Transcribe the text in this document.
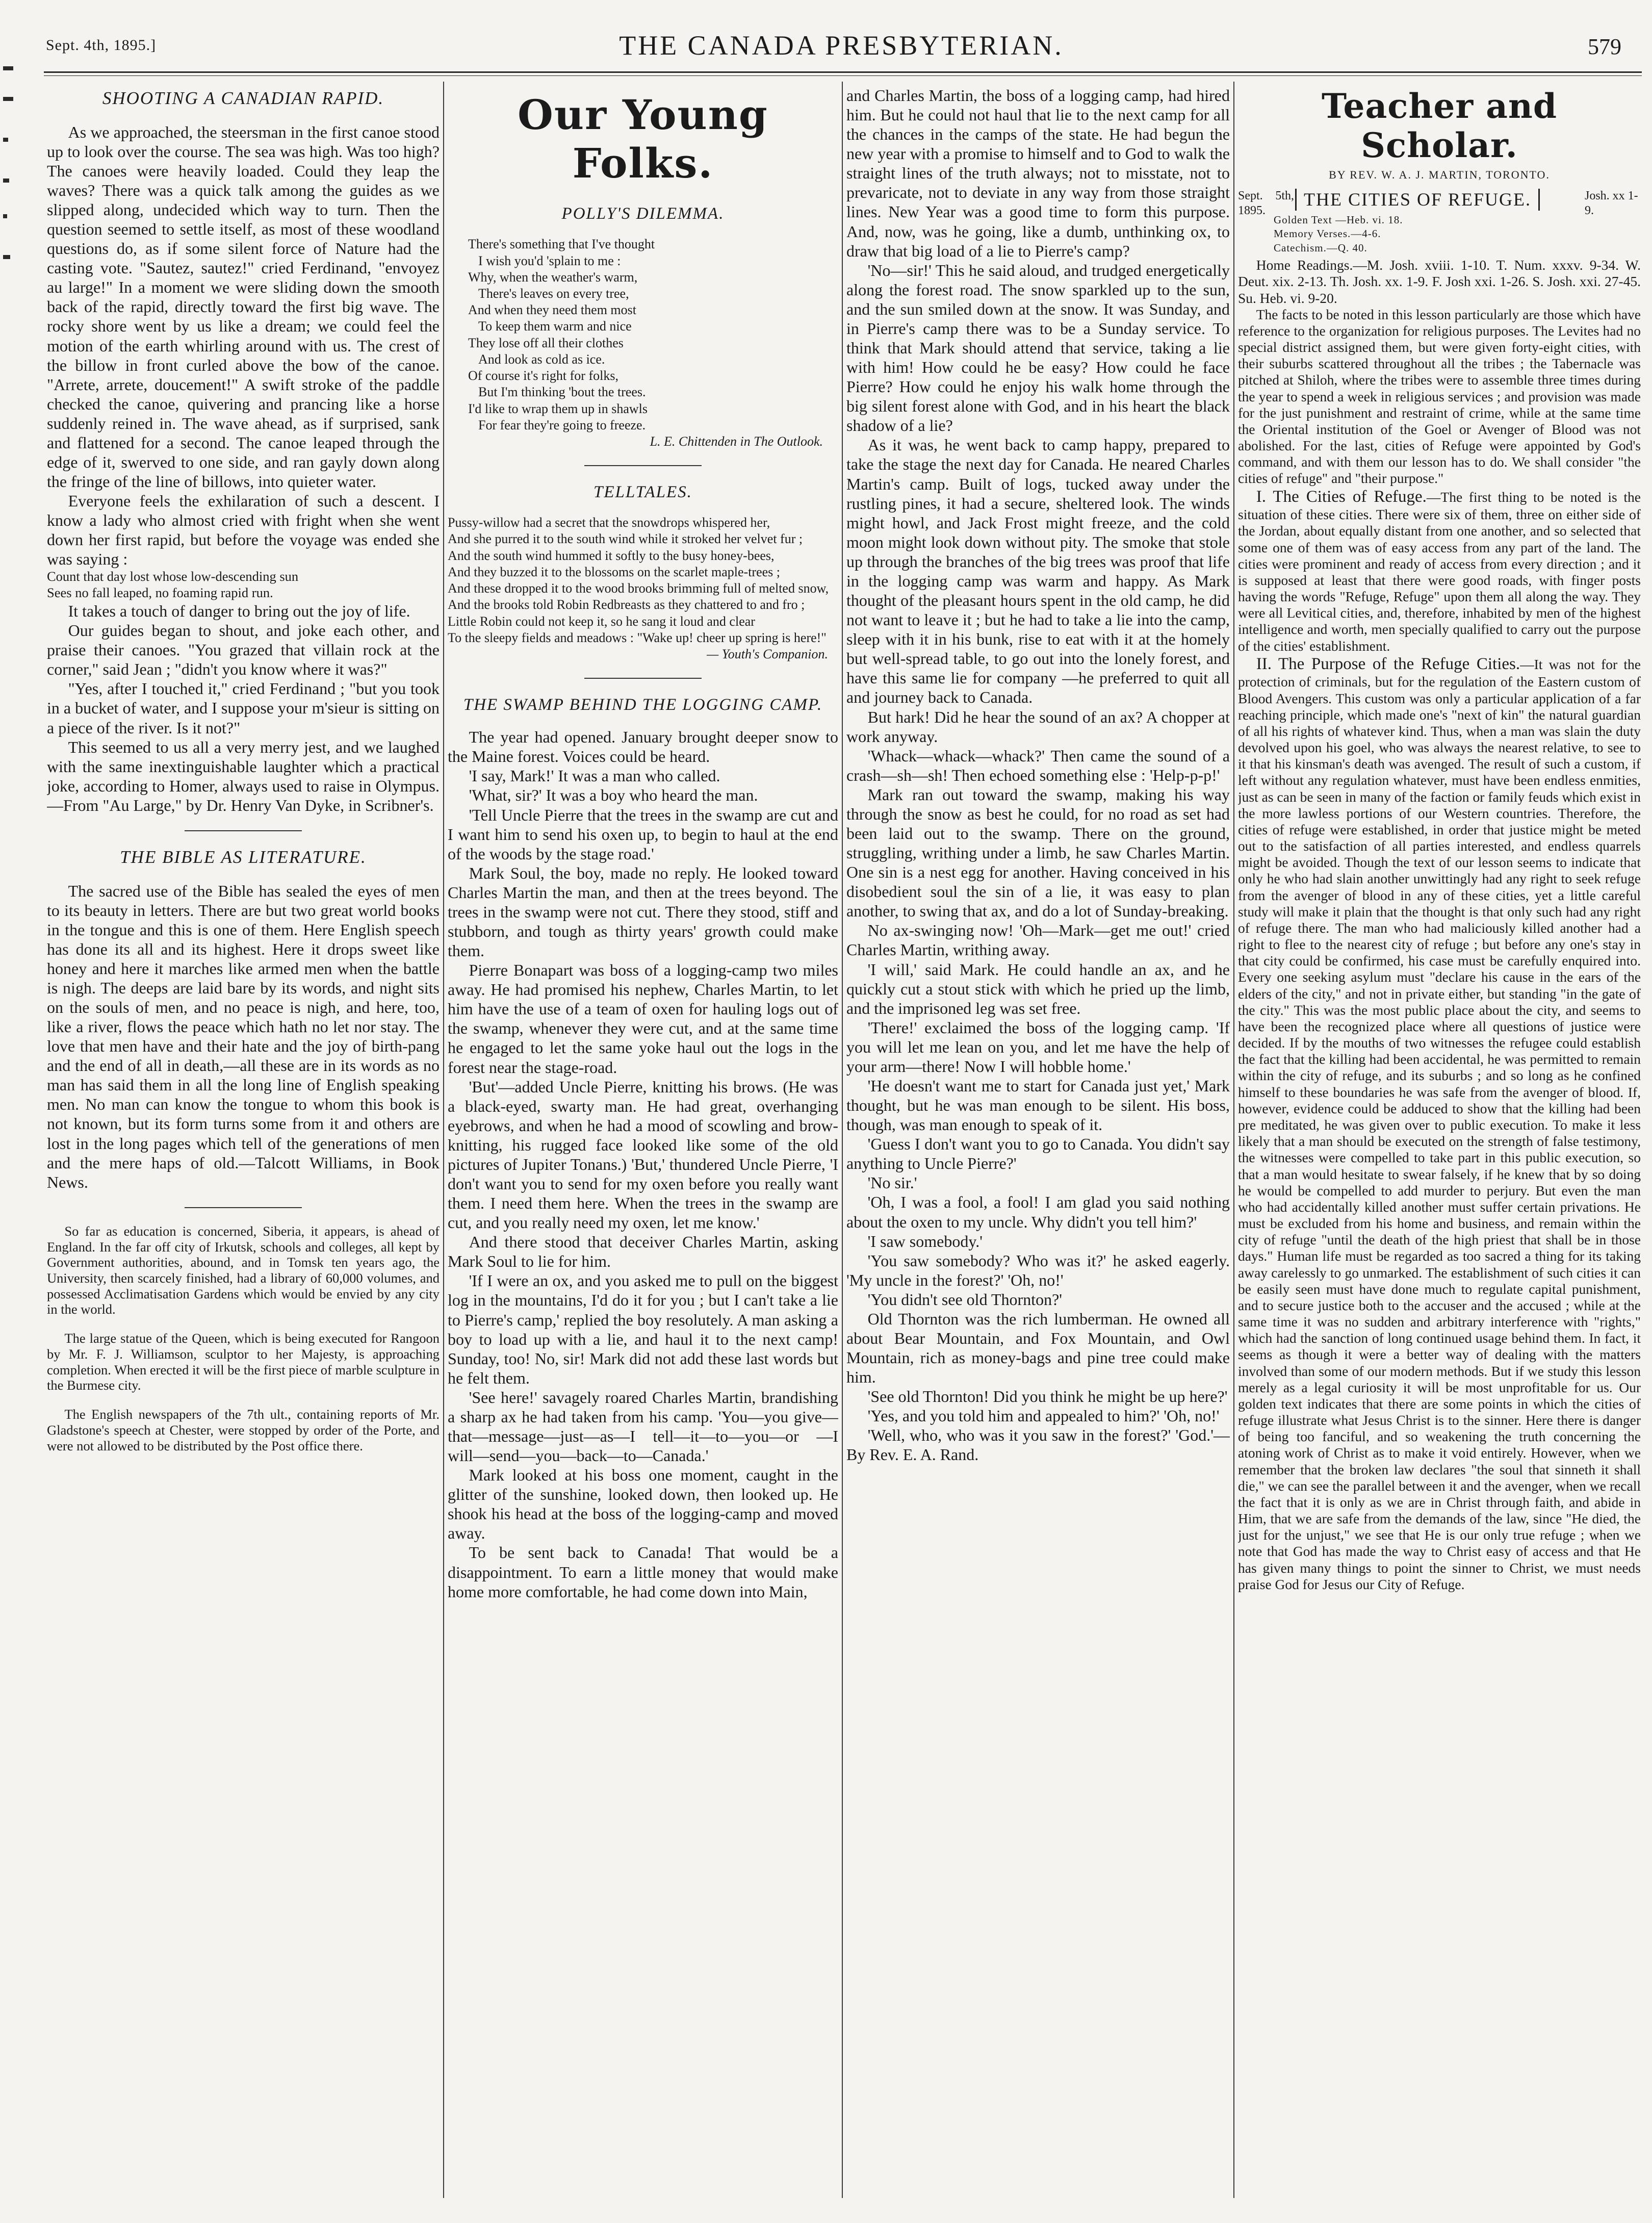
Sept. 4th, 1895.]	THE CANADA PRESBYTERIAN.	579
SHOOTING A CANADIAN RAPID.

As we approached, the steersman in the first canoe stood up to look over the course. The sea was high. Was too high? The canoes were heavily loaded. Could they leap the waves? There was a quick talk among the guides as we slipped along, undecided which way to turn. Then the question seemed to settle itself, as most of these woodland questions do, as if some silent force of Nature had the casting vote. "Sautez, sautez!" cried Ferdinand, "envoyez au large!" In a moment we were sliding down the smooth back of the rapid, directly toward the first big wave. The rocky shore went by us like a dream; we could feel the motion of the earth whirling around with us. The crest of the billow in front curled above the bow of the canoe. "Arrete, arrete, doucement!" A swift stroke of the paddle checked the canoe, quivering and prancing like a horse suddenly reined in. The wave ahead, as if surprised, sank and flattened for a second. The canoe leaped through the edge of it, swerved to one side, and ran gayly down along the fringe of the line of billows, into quieter water.

Everyone feels the exhilaration of such a descent. I know a lady who almost cried with fright when she went down her first rapid, but before the voyage was ended she was saying :

Count that day lost whose low-descending sun

Sees no fall leaped, no foaming rapid run.

It takes a touch of danger to bring out the joy of life.

Our guides began to shout, and joke each other, and praise their canoes. "You grazed that villain rock at the corner," said Jean ; "didn't you know where it was?"

"Yes, after I touched it," cried Ferdinand ; "but you took in a bucket of water, and I suppose your m'sieur is sitting on a piece of the river. Is it not?"

This seemed to us all a very merry jest, and we laughed with the same inextinguishable laughter which a practical joke, according to Homer, always used to raise in Olympus.—From "Au Large," by Dr. Henry Van Dyke, in Scribner's.

THE BIBLE AS LITERATURE.

The sacred use of the Bible has sealed the eyes of men to its beauty in letters. There are but two great world books in the tongue and this is one of them. Here English speech has done its all and its highest. Here it drops sweet like honey and here it marches like armed men when the battle is nigh. The deeps are laid bare by its words, and night sits on the souls of men, and no peace is nigh, and here, too, like a river, flows the peace which hath no let nor stay. The love that men have and their hate and the joy of birth-pang and the end of all in death,—all these are in its words as no man has said them in all the long line of English speaking men. No man can know the tongue to whom this book is not known, but its form turns some from it and others are lost in the long pages which tell of the generations of men and the mere haps of old.—Talcott Williams, in Book News.

So far as education is concerned, Siberia, it appears, is ahead of England. In the far off city of Irkutsk, schools and colleges, all kept by Government authorities, abound, and in Tomsk ten years ago, the University, then scarcely finished, had a library of 60,000 volumes, and possessed Acclimatisation Gardens which would be envied by any city in the world.

The large statue of the Queen, which is being executed for Rangoon by Mr. F. J. Williamson, sculptor to her Majesty, is approaching completion. When erected it will be the first piece of marble sculpture in the Burmese city.

The English newspapers of the 7th ult., containing reports of Mr. Gladstone's speech at Chester, were stopped by order of the Porte, and were not allowed to be distributed by the Post office there.

Our Young Folks.
POLLY'S DILEMMA.
There's something that I've thought
I wish you'd 'splain to me :
Why, when the weather's warm,
There's leaves on every tree,
And when they need them most
To keep them warm and nice
They lose off all their clothes
And look as cold as ice.
Of course it's right for folks,
But I'm thinking 'bout the trees.
I'd like to wrap them up in shawls
For fear they're going to freeze.
L. E. Chittenden in The Outlook.
TELLTALES.
Pussy-willow had a secret that the snowdrops whispered her,
And she purred it to the south wind while it stroked her velvet fur ;
And the south wind hummed it softly to the busy honey-bees,
And they buzzed it to the blossoms on the scarlet maple-trees ;
And these dropped it to the wood brooks brimming full of melted snow,
And the brooks told Robin Redbreasts as they chattered to and fro ;
Little Robin could not keep it, so he sang it loud and clear
To the sleepy fields and meadows : "Wake up! cheer up spring is here!"
— Youth's Companion.
THE SWAMP BEHIND THE LOGGING CAMP.

The year had opened. January brought deeper snow to the Maine forest. Voices could be heard.

'I say, Mark!' It was a man who called.

'What, sir?' It was a boy who heard the man.

'Tell Uncle Pierre that the trees in the swamp are cut and I want him to send his oxen up, to begin to haul at the end of the woods by the stage road.'

Mark Soul, the boy, made no reply. He looked toward Charles Martin the man, and then at the trees beyond. The trees in the swamp were not cut. There they stood, stiff and stubborn, and tough as thirty years' growth could make them.

Pierre Bonapart was boss of a logging-camp two miles away. He had promised his nephew, Charles Martin, to let him have the use of a team of oxen for hauling logs out of the swamp, whenever they were cut, and at the same time he engaged to let the same yoke haul out the logs in the forest near the stage-road.

'But'—added Uncle Pierre, knitting his brows. (He was a black-eyed, swarty man. He had great, overhanging eyebrows, and when he had a mood of scowling and brow-knitting, his rugged face looked like some of the old pictures of Jupiter Tonans.) 'But,' thundered Uncle Pierre, 'I don't want you to send for my oxen before you really want them. I need them here. When the trees in the swamp are cut, and you really need my oxen, let me know.'

And there stood that deceiver Charles Martin, asking Mark Soul to lie for him.

'If I were an ox, and you asked me to pull on the biggest log in the mountains, I'd do it for you ; but I can't take a lie to Pierre's camp,' replied the boy resolutely. A man asking a boy to load up with a lie, and haul it to the next camp! Sunday, too! No, sir! Mark did not add these last words but he felt them.

'See here!' savagely roared Charles Martin, brandishing a sharp ax he had taken from his camp. 'You—you give—that—message—just—as—I tell—it—to—you—or —I will—send—you—back—to—Canada.'

Mark looked at his boss one moment, caught in the glitter of the sunshine, looked down, then looked up. He shook his head at the boss of the logging-camp and moved away.

To be sent back to Canada! That would be a disappointment. To earn a little money that would make home more comfortable, he had come down into Main,

and Charles Martin, the boss of a logging camp, had hired him. But he could not haul that lie to the next camp for all the chances in the camps of the state. He had begun the new year with a promise to himself and to God to walk the straight lines of the truth always; not to misstate, not to prevaricate, not to deviate in any way from those straight lines. New Year was a good time to form this purpose. And, now, was he going, like a dumb, unthinking ox, to draw that big load of a lie to Pierre's camp?

'No—sir!' This he said aloud, and trudged energetically along the forest road. The snow sparkled up to the sun, and the sun smiled down at the snow. It was Sunday, and in Pierre's camp there was to be a Sunday service. To think that Mark should attend that service, taking a lie with him! How could he be easy? How could he face Pierre? How could he enjoy his walk home through the big silent forest alone with God, and in his heart the black shadow of a lie?

As it was, he went back to camp happy, prepared to take the stage the next day for Canada. He neared Charles Martin's camp. Built of logs, tucked away under the rustling pines, it had a secure, sheltered look. The winds might howl, and Jack Frost might freeze, and the cold moon might look down without pity. The smoke that stole up through the branches of the big trees was proof that life in the logging camp was warm and happy. As Mark thought of the pleasant hours spent in the old camp, he did not want to leave it ; but he had to take a lie into the camp, sleep with it in his bunk, rise to eat with it at the homely but well-spread table, to go out into the lonely forest, and have this same lie for company —he preferred to quit all and journey back to Canada.

But hark! Did he hear the sound of an ax? A chopper at work anyway.

'Whack—whack—whack?' Then came the sound of a crash—sh—sh! Then echoed something else : 'Help-p-p!'

Mark ran out toward the swamp, making his way through the snow as best he could, for no road as set had been laid out to the swamp. There on the ground, struggling, writhing under a limb, he saw Charles Martin. One sin is a nest egg for another. Having conceived in his disobedient soul the sin of a lie, it was easy to plan another, to swing that ax, and do a lot of Sunday-breaking.

No ax-swinging now! 'Oh—Mark—get me out!' cried Charles Martin, writhing away.

'I will,' said Mark. He could handle an ax, and he quickly cut a stout stick with which he pried up the limb, and the imprisoned leg was set free.

'There!' exclaimed the boss of the logging camp. 'If you will let me lean on you, and let me have the help of your arm—there! Now I will hobble home.'

'He doesn't want me to start for Canada just yet,' Mark thought, but he was man enough to be silent. His boss, though, was man enough to speak of it.

'Guess I don't want you to go to Canada. You didn't say anything to Uncle Pierre?'

'No sir.'

'Oh, I was a fool, a fool! I am glad you said nothing about the oxen to my uncle. Why didn't you tell him?'

'I saw somebody.'

'You saw somebody? Who was it?' he asked eagerly. 'My uncle in the forest?' 'Oh, no!'

'You didn't see old Thornton?'

Old Thornton was the rich lumberman. He owned all about Bear Mountain, and Fox Mountain, and Owl Mountain, rich as money-bags and pine tree could make him.

'See old Thornton! Did you think he might be up here?'

'Yes, and you told him and appealed to him?' 'Oh, no!'

'Well, who, who was it you saw in the forest?' 'God.'—By Rev. E. A. Rand.

Teacher and Scholar.
BY REV. W. A. J. MARTIN, TORONTO.
Sept. 5th, 1895.
THE CITIES OF REFUGE.	Josh. xx 1-9.
Golden Text —Heb. vi. 18.
Memory Verses.—4-6.
Catechism.—Q. 40.

Home Readings.—M. Josh. xviii. 1-10. T. Num. xxxv. 9-34. W. Deut. xix. 2-13. Th. Josh. xx. 1-9. F. Josh xxi. 1-26. S. Josh. xxi. 27-45. Su. Heb. vi. 9-20.

The facts to be noted in this lesson particularly are those which have reference to the organization for religious purposes. The Levites had no special district assigned them, but were given forty-eight cities, with their suburbs scattered throughout all the tribes ; the Tabernacle was pitched at Shiloh, where the tribes were to assemble three times during the year to spend a week in religious services ; and provision was made for the just punishment and restraint of crime, while at the same time the Oriental institution of the Goel or Avenger of Blood was not abolished. For the last, cities of Refuge were appointed by God's command, and with them our lesson has to do. We shall consider "the cities of refuge" and "their purpose."

I. The Cities of Refuge.—The first thing to be noted is the situation of these cities. There were six of them, three on either side of the Jordan, about equally distant from one another, and so selected that some one of them was of easy access from any part of the land. The cities were prominent and ready of access from every direction ; and it is supposed at least that there were good roads, with finger posts having the words "Refuge, Refuge" upon them all along the way. They were all Levitical cities, and, therefore, inhabited by men of the highest intelligence and worth, men specially qualified to carry out the purpose of the cities' establishment.

II. The Purpose of the Refuge Cities.—It was not for the protection of criminals, but for the regulation of the Eastern custom of Blood Avengers. This custom was only a particular application of a far reaching principle, which made one's "next of kin" the natural guardian of all his rights of whatever kind. Thus, when a man was slain the duty devolved upon his goel, who was always the nearest relative, to see to it that his kinsman's death was avenged. The result of such a custom, if left without any regulation whatever, must have been endless enmities, just as can be seen in many of the faction or family feuds which exist in the more lawless portions of our Western countries. Therefore, the cities of refuge were established, in order that justice might be meted out to the satisfaction of all parties interested, and endless quarrels might be avoided. Though the text of our lesson seems to indicate that only he who had slain another unwittingly had any right to seek refuge from the avenger of blood in any of these cities, yet a little careful study will make it plain that the thought is that only such had any right of refuge there. The man who had maliciously killed another had a right to flee to the nearest city of refuge ; but before any one's stay in that city could be confirmed, his case must be carefully enquired into. Every one seeking asylum must "declare his cause in the ears of the elders of the city," and not in private either, but standing "in the gate of the city." This was the most public place about the city, and seems to have been the recognized place where all questions of justice were decided. If by the mouths of two witnesses the refugee could establish the fact that the killing had been accidental, he was permitted to remain within the city of refuge, and its suburbs ; and so long as he confined himself to these boundaries he was safe from the avenger of blood. If, however, evidence could be adduced to show that the killing had been pre meditated, he was given over to public execution. To make it less likely that a man should be executed on the strength of false testimony, the witnesses were compelled to take part in this public execution, so that a man would hesitate to swear falsely, if he knew that by so doing he would be compelled to add murder to perjury. But even the man who had accidentally killed another must suffer certain privations. He must be excluded from his home and business, and remain within the city of refuge "until the death of the high priest that shall be in those days." Human life must be regarded as too sacred a thing for its taking away carelessly to go unmarked. The establishment of such cities it can be easily seen must have done much to regulate capital punishment, and to secure justice both to the accuser and the accused ; while at the same time it was no sudden and arbitrary interference with "rights," which had the sanction of long continued usage behind them. In fact, it seems as though it were a better way of dealing with the matters involved than some of our modern methods. But if we study this lesson merely as a legal curiosity it will be most unprofitable for us. Our golden text indicates that there are some points in which the cities of refuge illustrate what Jesus Christ is to the sinner. Here there is danger of being too fanciful, and so weakening the truth concerning the atoning work of Christ as to make it void entirely. However, when we remember that the broken law declares "the soul that sinneth it shall die," we can see the parallel between it and the avenger, when we recall the fact that it is only as we are in Christ through faith, and abide in Him, that we are safe from the demands of the law, since "He died, the just for the unjust," we see that He is our only true refuge ; when we note that God has made the way to Christ easy of access and that He has given many things to point the sinner to Christ, we must needs praise God for Jesus our City of Refuge.
